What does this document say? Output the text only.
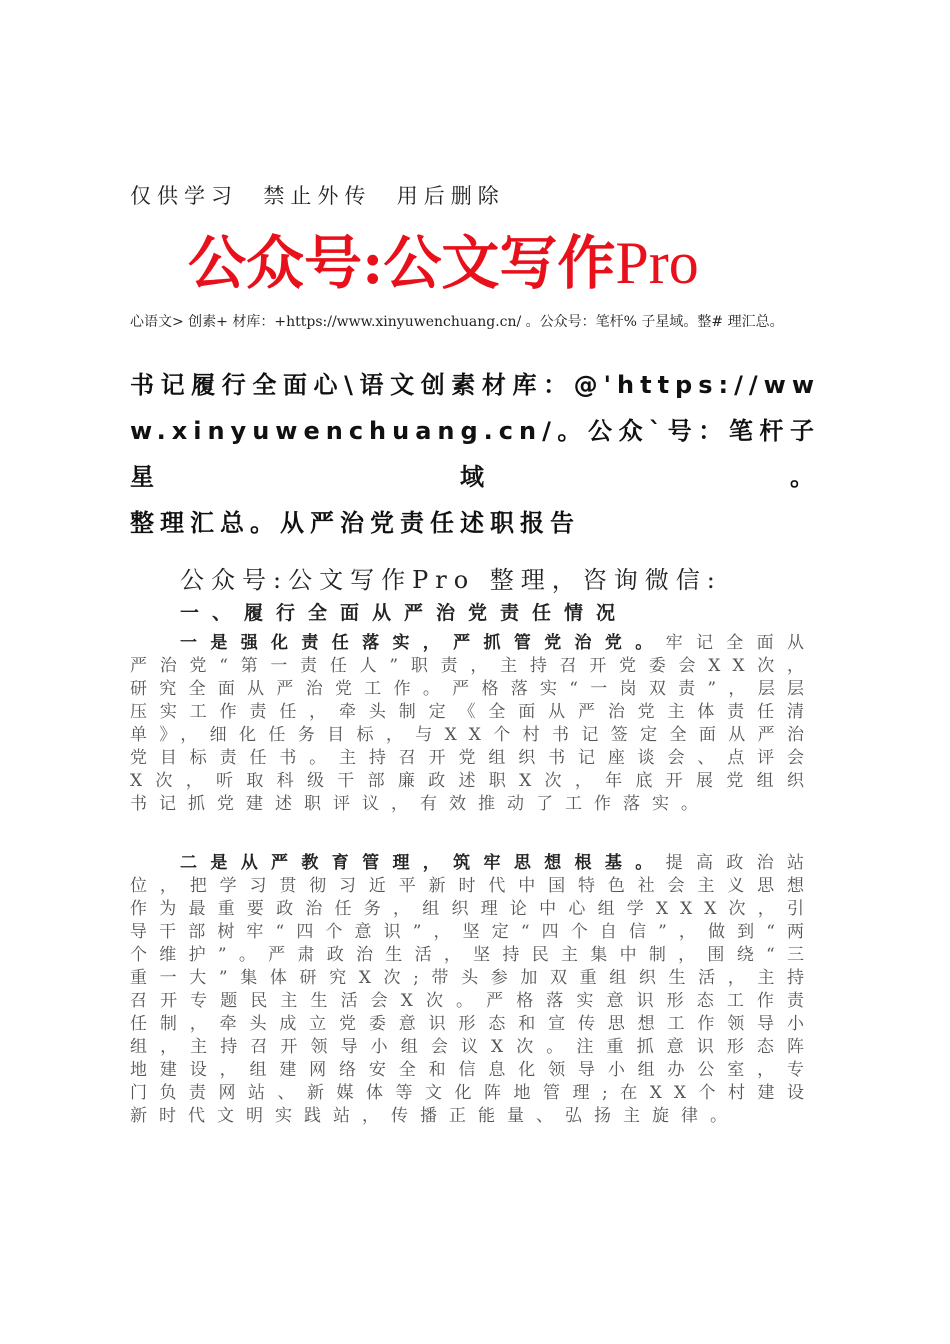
仅供学习  禁止外传  用后删除
公众号:公文写作Pro
心语文> 创素+ 材库：+https://www.xinyuwenchuang.cn/ 。公众号：笔杆% 子星域。整# 理汇总。
书记履行全面心\语文创素材库：@'https://www.xinyuwenchuang.cn/。公众`号：笔杆子星域。
整理汇总。从严治党责任述职报告
公众号:公文写作Pro 整理，咨询微信:
一、履行全面从严治党责任情况
一是强化责任落实，严抓管党治党。牢记全面从严治党“第一责任人”职责，主持召开党委会XX次，研究全面从严治党工作。严格落实“一岗双责”，层层压实工作责任，牵头制定《全面从严治党主体责任清单》，细化任务目标，与XX个村书记签定全面从严治党目标责任书。主持召开党组织书记座谈会、点评会X次，听取科级干部廉政述职X次，年底开展党组织书记抓党建述职评议，有效推动了工作落实。
二是从严教育管理，筑牢思想根基。提高政治站位，把学习贯彻习近平新时代中国特色社会主义思想作为最重要政治任务，组织理论中心组学XXX次，引导干部树牢“四个意识”，坚定“四个自信”，做到“两个维护”。严肃政治生活，坚持民主集中制，围绕“三重一大”集体研究X次;带头参加双重组织生活，主持召开专题民主生活会X次。严格落实意识形态工作责任制，牵头成立党委意识形态和宣传思想工作领导小组，主持召开领导小组会议X次。注重抓意识形态阵地建设，组建网络安全和信息化领导小组办公室，专门负责网站、新媒体等文化阵地管理;在XX个村建设新时代文明实践站，传播正能量、弘扬主旋律。
